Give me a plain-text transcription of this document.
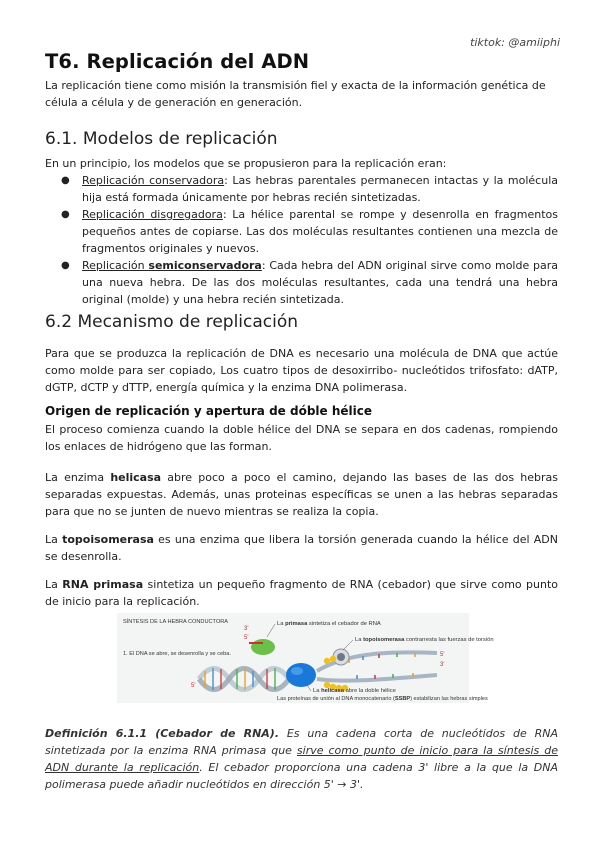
tiktok: @amiiphi
T6. Replicación del ADN

La replicación tiene como misión la transmisión fiel y exacta de la información genética de célula a célula y de generación en generación.

6.1. Modelos de replicación

En un principio, los modelos que se propusieron para la replicación eran:

● Replicación conservadora: Las hebras parentales permanecen intactas y la molécula hija está formada únicamente por hebras recién sintetizadas.
● Replicación disgregadora: La hélice parental se rompe y desenrolla en fragmentos pequeños antes de copiarse. Las dos moléculas resultantes contienen una mezcla de fragmentos originales y nuevos.
● Replicación semiconservadora: Cada hebra del ADN original sirve como molde para una nueva hebra. De las dos moléculas resultantes, cada una tendrá una hebra original (molde) y una hebra recién sintetizada.
6.2 Mecanismo de replicación

Para que se produzca la replicación de DNA es necesario una molécula de DNA que actúe como molde para ser copiado, Los cuatro tipos de desoxirribo- nucleótidos trifosfato: dATP, dGTP, dCTP y dTTP, energía química y la enzima DNA polimerasa.

Origen de replicación y apertura de dóble hélice

El proceso comienza cuando la doble hélice del DNA se separa en dos cadenas, rompiendo los enlaces de hidrógeno que las forman.

La enzima helicasa abre poco a poco el camino, dejando las bases de las dos hebras separadas expuestas. Además, unas proteinas específicas se unen a las hebras separadas para que no se junten de nuevo mientras se realiza la copia.

La topoisomerasa es una enzima que libera la torsión generada cuando la hélice del ADN se desenrolla.

La RNA primasa sintetiza un pequeño fragmento de RNA (cebador) que sirve como punto de inicio para la replicación.

SÍNTESIS DE LA HEBRA CONDUCTORA
1. El DNA se abre, se desenrolla y se ceba.
La primasa sintetiza el cebador de RNA
La topoisomerasa contrarresta las fuerzas de torsión
La helicasa abre la doble hélice
Las proteínas de unión al DNA monocatenario (SSBP) estabilizan las hebras simples
3'
5'
5'
3'
5'

Definición 6.1.1 (Cebador de RNA). Es una cadena corta de nucleótidos de RNA sintetizada por la enzima RNA primasa que sirve como punto de inicio para la síntesis de ADN durante la replicación. El cebador proporciona una cadena 3' libre a la que la DNA polimerasa puede añadir nucleótidos en dirección 5' → 3'.
